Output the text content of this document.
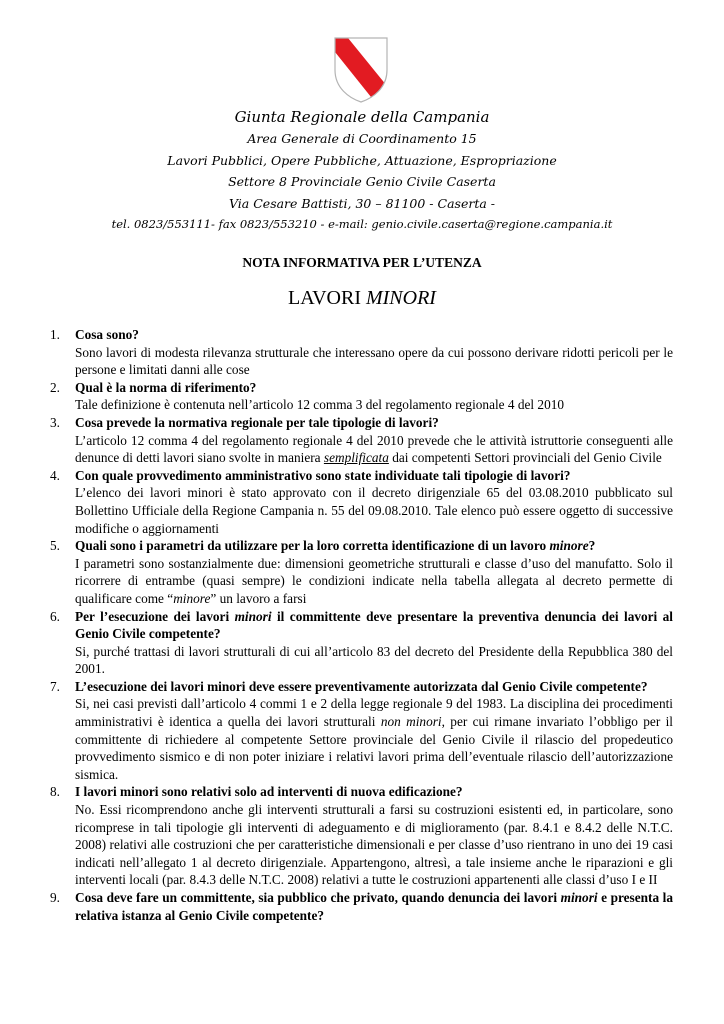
Giunta Regionale della Campania
Area Generale di Coordinamento 15
Lavori Pubblici, Opere Pubbliche, Attuazione, Espropriazione
Settore 8 Provinciale Genio Civile Caserta
Via Cesare Battisti, 30 – 81100 - Caserta -
tel. 0823/553111- fax 0823/553210 - e-mail: genio.civile.caserta@regione.campania.it
NOTA INFORMATIVA PER L’UTENZA
LAVORI MINORI
1. Cosa sono?
Sono lavori di modesta rilevanza strutturale che interessano opere da cui possono derivare ridotti pericoli per le persone e limitati danni alle cose
2. Qual è la norma di riferimento?
Tale definizione è contenuta nell’articolo 12 comma 3 del regolamento regionale 4 del 2010
3. Cosa prevede la normativa regionale per tale tipologie di lavori?
L’articolo 12 comma 4 del regolamento regionale 4 del 2010 prevede che le attività istruttorie conseguenti alle denunce di detti lavori siano svolte in maniera semplificata dai competenti Settori provinciali del Genio Civile
4. Con quale provvedimento amministrativo sono state individuate tali tipologie di lavori?
L’elenco dei lavori minori è stato approvato con il decreto dirigenziale 65 del 03.08.2010 pubblicato sul Bollettino Ufficiale della Regione Campania n. 55 del 09.08.2010. Tale elenco può essere oggetto di successive modifiche o aggiornamenti
5. Quali sono i parametri da utilizzare per la loro corretta identificazione di un lavoro minore?
I parametri sono sostanzialmente due: dimensioni geometriche strutturali e classe d’uso del manufatto. Solo il ricorrere di entrambe (quasi sempre) le condizioni indicate nella tabella allegata al decreto permette di qualificare come “minore” un lavoro a farsi
6. Per l’esecuzione dei lavori minori il committente deve presentare la preventiva denuncia dei lavori al Genio Civile competente?
Si, purché trattasi di lavori strutturali di cui all’articolo 83 del decreto del Presidente della Repubblica 380 del 2001.
7. L’esecuzione dei lavori minori deve essere preventivamente autorizzata dal Genio Civile competente?
Si, nei casi previsti dall’articolo 4 commi 1 e 2 della legge regionale 9 del 1983. La disciplina dei procedimenti amministrativi è identica a quella dei lavori strutturali non minori, per cui rimane invariato l’obbligo per il committente di richiedere al competente Settore provinciale del Genio Civile il rilascio del propedeutico provvedimento sismico e di non poter iniziare i relativi lavori prima dell’eventuale rilascio dell’autorizzazione sismica.
8. I lavori minori sono relativi solo ad interventi di nuova edificazione?
No. Essi ricomprendono anche gli interventi strutturali a farsi su costruzioni esistenti ed, in particolare, sono ricomprese in tali tipologie gli interventi di adeguamento e di miglioramento (par. 8.4.1 e 8.4.2 delle N.T.C. 2008) relativi alle costruzioni che per caratteristiche dimensionali e per classe d’uso rientrano in uno dei 19 casi indicati nell’allegato 1 al decreto dirigenziale. Appartengono, altresì, a tale insieme anche le riparazioni e gli interventi locali (par. 8.4.3 delle N.T.C. 2008) relativi a tutte le costruzioni appartenenti alle classi d’uso I e II
9. Cosa deve fare un committente, sia pubblico che privato, quando denuncia dei lavori minori e presenta la relativa istanza al Genio Civile competente?
